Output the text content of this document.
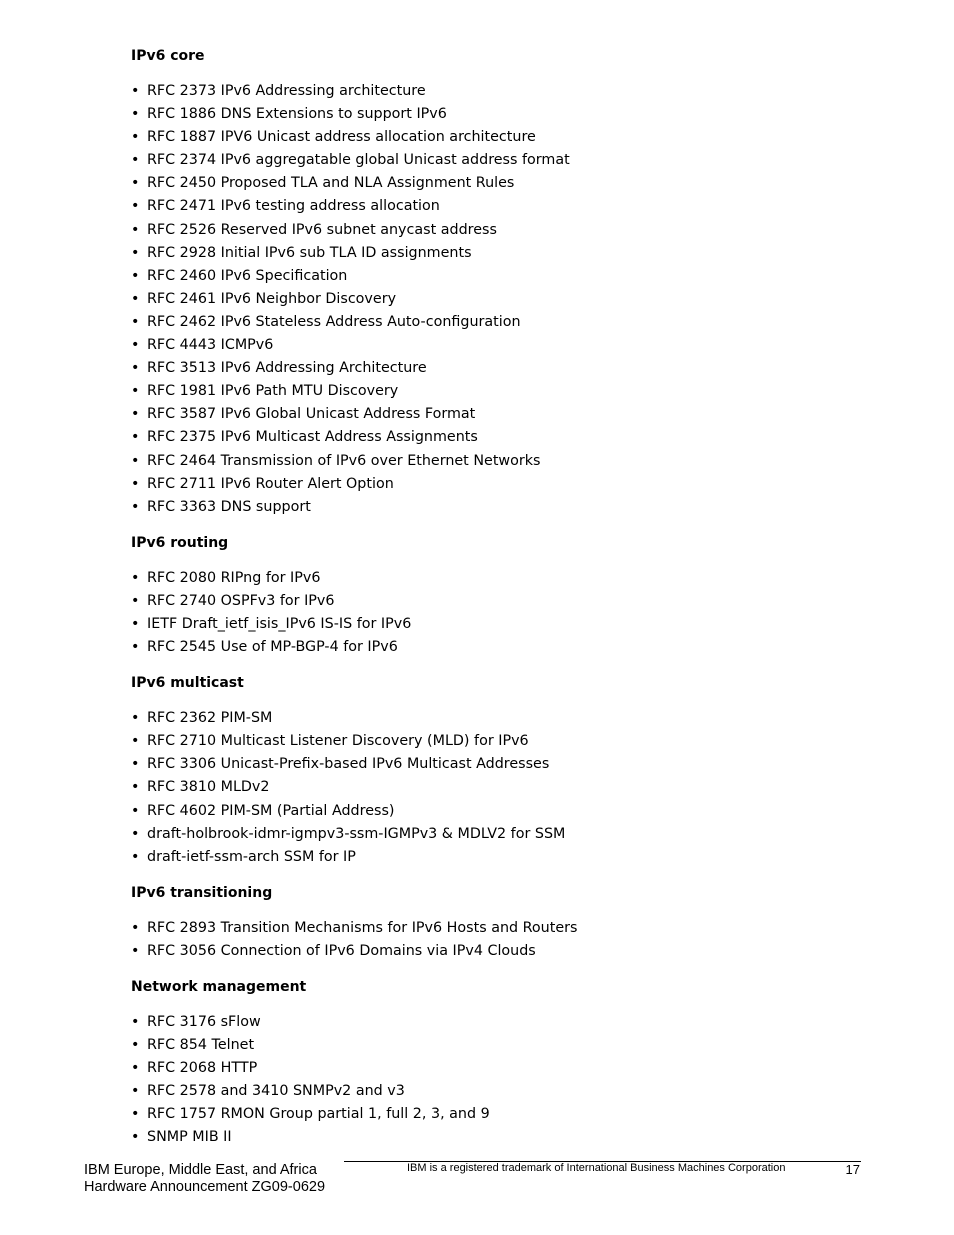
IPv6 core
• RFC 2373 IPv6 Addressing architecture
• RFC 1886 DNS Extensions to support IPv6
• RFC 1887 IPV6 Unicast address allocation architecture
• RFC 2374 IPv6 aggregatable global Unicast address format
• RFC 2450 Proposed TLA and NLA Assignment Rules
• RFC 2471 IPv6 testing address allocation
• RFC 2526 Reserved IPv6 subnet anycast address
• RFC 2928 Initial IPv6 sub TLA ID assignments
• RFC 2460 IPv6 Specification
• RFC 2461 IPv6 Neighbor Discovery
• RFC 2462 IPv6 Stateless Address Auto-configuration
• RFC 4443 ICMPv6
• RFC 3513 IPv6 Addressing Architecture
• RFC 1981 IPv6 Path MTU Discovery
• RFC 3587 IPv6 Global Unicast Address Format
• RFC 2375 IPv6 Multicast Address Assignments
• RFC 2464 Transmission of IPv6 over Ethernet Networks
• RFC 2711 IPv6 Router Alert Option
• RFC 3363 DNS support
IPv6 routing
• RFC 2080 RIPng for IPv6
• RFC 2740 OSPFv3 for IPv6
• IETF Draft_ietf_isis_IPv6 IS-IS for IPv6
• RFC 2545 Use of MP-BGP-4 for IPv6
IPv6 multicast
• RFC 2362 PIM-SM
• RFC 2710 Multicast Listener Discovery (MLD) for IPv6
• RFC 3306 Unicast-Prefix-based IPv6 Multicast Addresses
• RFC 3810 MLDv2
• RFC 4602 PIM-SM (Partial Address)
• draft-holbrook-idmr-igmpv3-ssm-IGMPv3 & MDLV2 for SSM
• draft-ietf-ssm-arch SSM for IP
IPv6 transitioning
• RFC 2893 Transition Mechanisms for IPv6 Hosts and Routers
• RFC 3056 Connection of IPv6 Domains via IPv4 Clouds
Network management
• RFC 3176 sFlow
• RFC 854 Telnet
• RFC 2068 HTTP
• RFC 2578 and 3410 SNMPv2 and v3
• RFC 1757 RMON Group partial 1, full 2, 3, and 9
• SNMP MIB II
IBM Europe, Middle East, and Africa
Hardware Announcement ZG09-0629
IBM is a registered trademark of International Business Machines Corporation	17
